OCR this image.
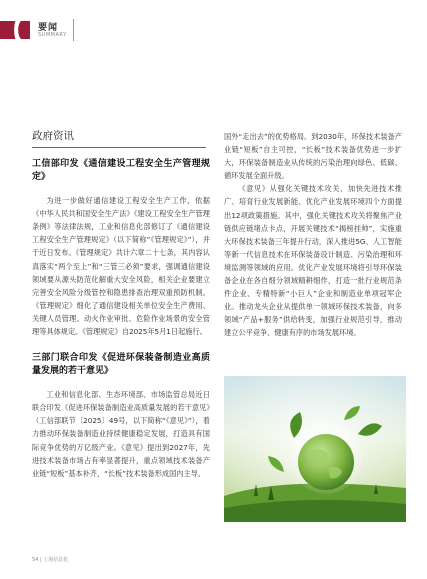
要闻
SUMMARY
政府资讯
工信部印发《通信建设工程安全生产管理规定》

为进一步做好通信建设工程安全生产工作，依据《中华人民共和国安全生产法》《建设工程安全生产管理条例》等法律法规，工业和信息化部修订了《通信建设工程安全生产管理规定》（以下简称“《管理规定》”），并于近日发布。《管理规定》共计六章二十七条，其内容认真落实“两个至上”和“三管三必须”要求，强调通信建设领域要从源头防范化解重大安全风险，相关企业要建立完善安全风险分级管控和隐患排查治理双重预防机制。《管理规定》细化了通信建设相关单位安全生产费用、关键人员管理、动火作业审批、危险作业场景的安全管理等具体规定。《管理规定》自2025年5月1日起施行。

三部门联合印发《促进环保装备制造业高质量发展的若干意见》

工业和信息化部、生态环境部、市场监管总局近日联合印发《促进环保装备制造业高质量发展的若干意见》（工信部联节〔2025〕49号，以下简称“《意见》”），着力推动环保装备制造业持续健康稳定发展，打造具有国际竞争优势的万亿级产业。《意见》提出到2027年，先进技术装备市场占有率显著提升，重点领域技术装备产业链“短板”基本补齐，“长板”技术装备形成国内主导、

国外“走出去”的优势格局。到2030年，环保技术装备产业链“短板”自主可控，“长板”技术装备优势进一步扩大，环保装备制造业从传统的污染治理向绿色、低碳、循环发展全面升级。

《意见》从强化关键技术攻关、加快先进技术推广、培育行业发展新能、优化产业发展环境四个方面提出12项政策措施。其中，强化关键技术攻关将聚焦产业链供应链堵点卡点，开展关键技术“揭榜挂帅”，实施重大环保技术装备三年提升行动，深入推进5G、人工智能等新一代信息技术在环保装备设计制造、污染治理和环境监测等领域的应用。优化产业发展环境将引导环保装备企业在各自细分领域精耕细作，打造一批行业规范条件企业、专精特新“小巨人”企业和制造业单项冠军企业。推动龙头企业从提供单一领域环保技术装备，向多领域“产品+服务”供给转变，加强行业规范引导，推动建立公平竞争、健康有序的市场发展环境。

54 | 上海信息化
